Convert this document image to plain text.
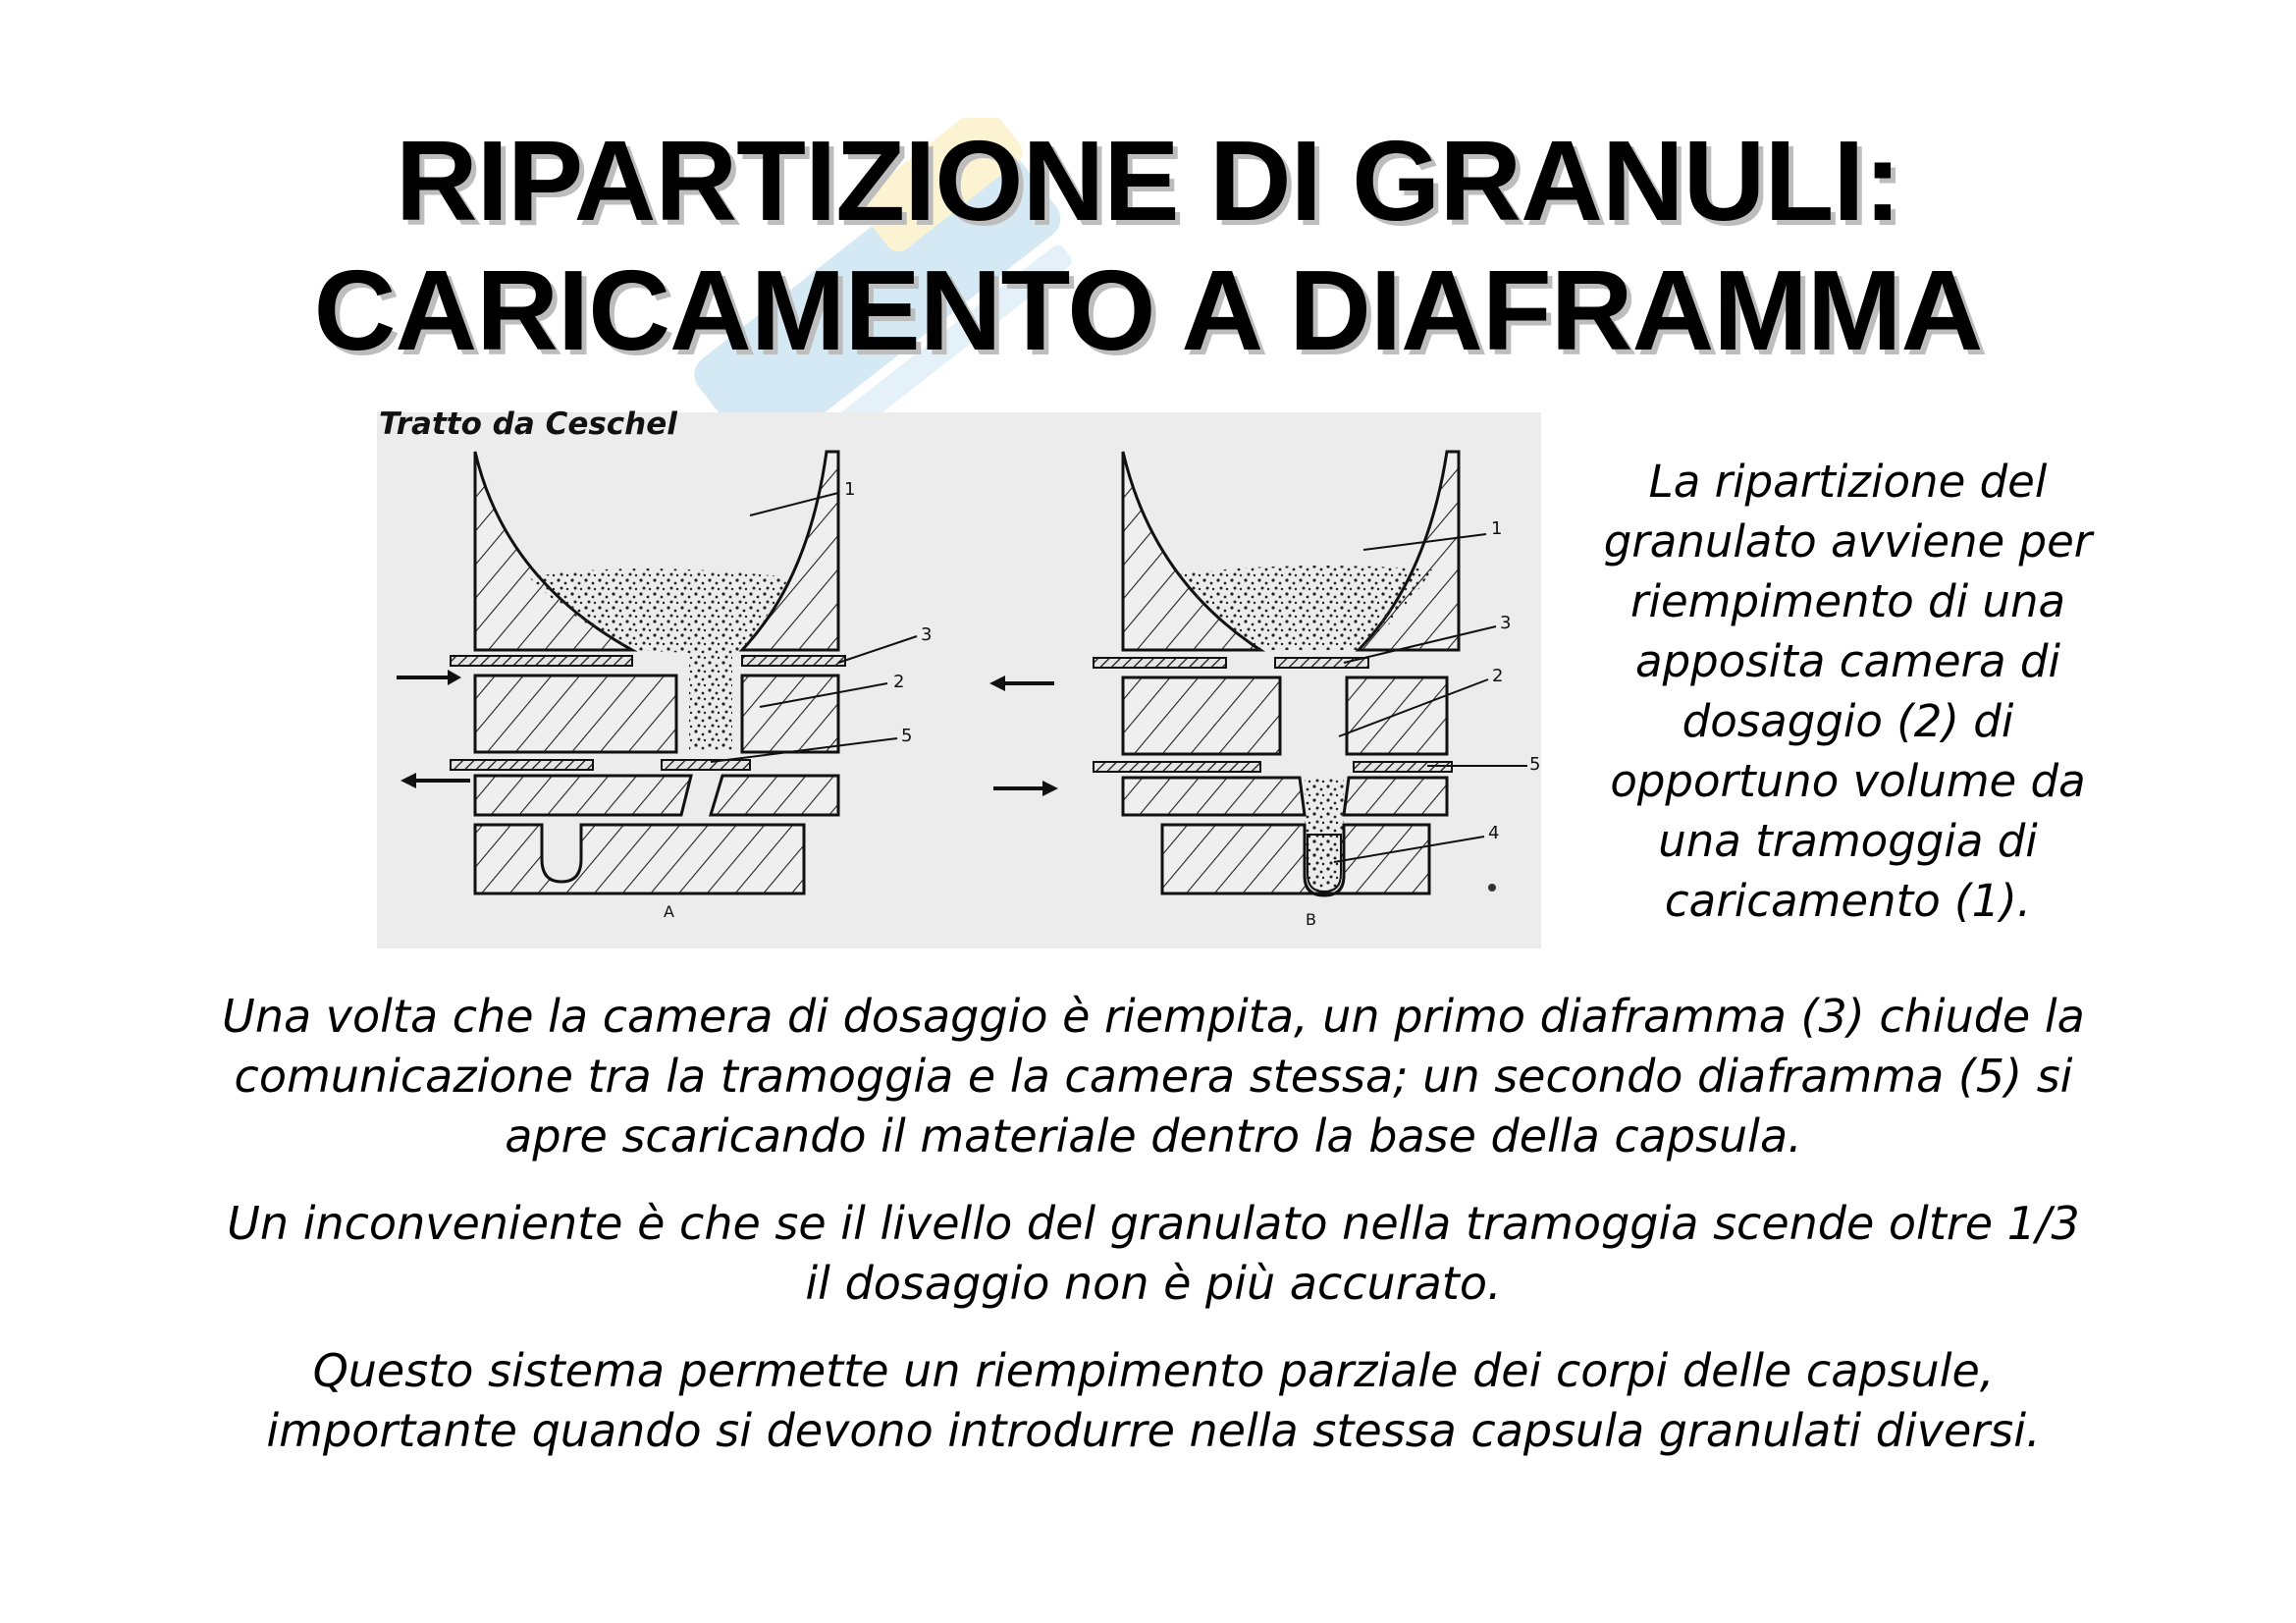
RIPARTIZIONE DI GRANULI:
CARICAMENTO A DIAFRAMMA
1
3
2
5
A
1
3
2
5
4
B
Tratto da Ceschel
La ripartizione del granulato avviene per riempimento di una apposita camera di dosaggio (2) di opportuno volume da una tramoggia di caricamento (1).

Una volta che la camera di dosaggio è riempita, un primo diaframma (3) chiude la comunicazione tra la tramoggia e la camera stessa; un secondo diaframma (5) si apre scaricando il materiale dentro la base della capsula.

Un inconveniente è che se il livello del granulato nella tramoggia scende oltre 1/3 il dosaggio non è più accurato.

Questo sistema permette un riempimento parziale dei corpi delle capsule, importante quando si devono introdurre nella stessa capsula granulati diversi.
